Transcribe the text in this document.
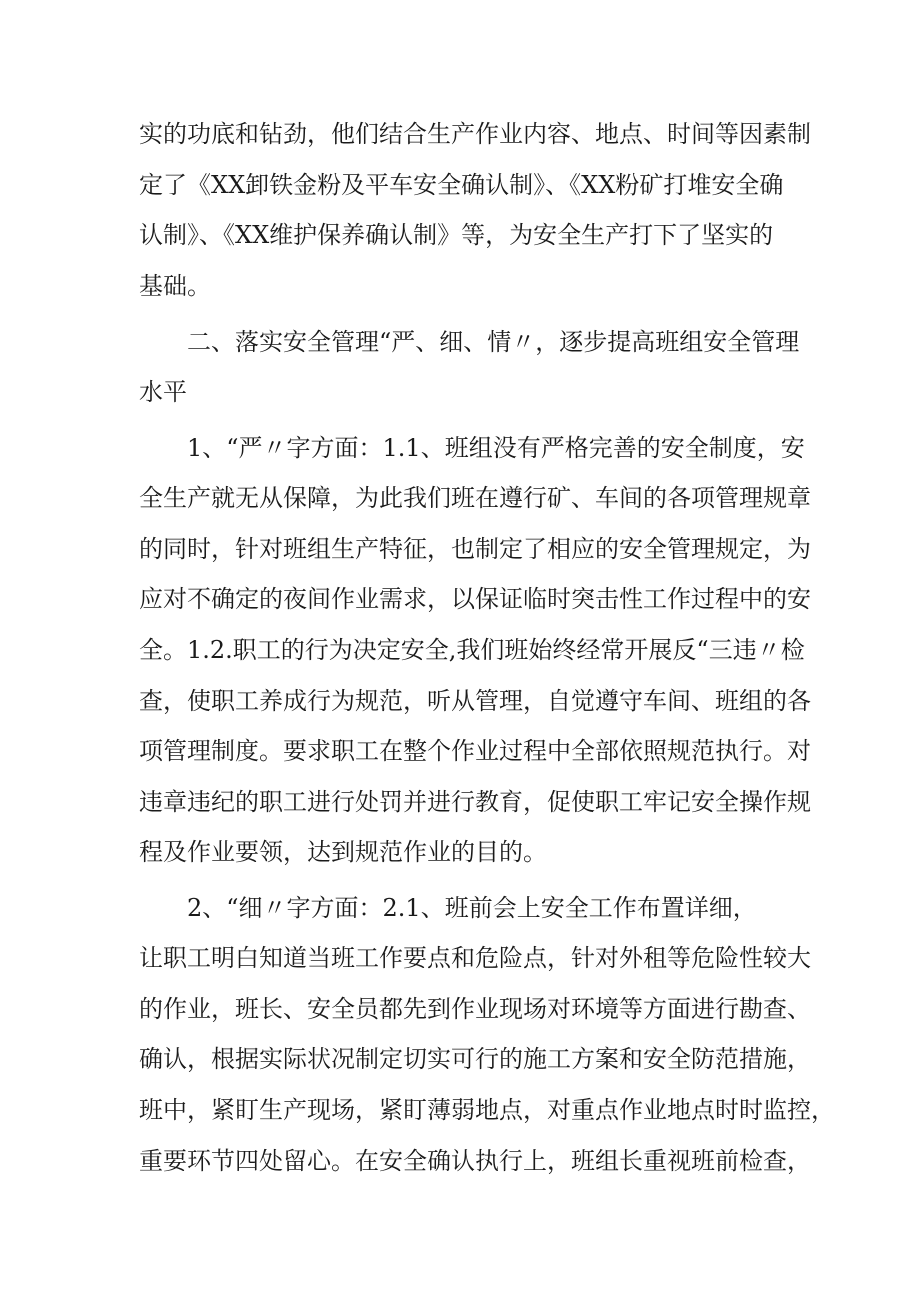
实的功底和钻劲，他们结合生产作业内容、地点、时间等因素制
定了《XX卸铁金粉及平车安全确认制》、《XX粉矿打堆安全确
认制》、《XX维护保养确认制》等，为安全生产打下了坚实的
基础。
二、落实安全管理“严、细、情〃，逐步提高班组安全管理
水平
1、“严〃字方面：1.1、班组没有严格完善的安全制度，安
全生产就无从保障，为此我们班在遵行矿、车间的各项管理规章
的同时，针对班组生产特征，也制定了相应的安全管理规定，为
应对不确定的夜间作业需求，以保证临时突击性工作过程中的安
全。1.2.职工的行为决定安全,我们班始终经常开展反“三违〃检
查，使职工养成行为规范，听从管理，自觉遵守车间、班组的各
项管理制度。要求职工在整个作业过程中全部依照规范执行。对
违章违纪的职工进行处罚并进行教育，促使职工牢记安全操作规
程及作业要领，达到规范作业的目的。
2、“细〃字方面：2.1、班前会上安全工作布置详细，
让职工明白知道当班工作要点和危险点，针对外租等危险性较大
的作业，班长、安全员都先到作业现场对环境等方面进行勘查、
确认，根据实际状况制定切实可行的施工方案和安全防范措施，
班中，紧盯生产现场，紧盯薄弱地点，对重点作业地点时时监控，
重要环节四处留心。在安全确认执行上，班组长重视班前检查，
